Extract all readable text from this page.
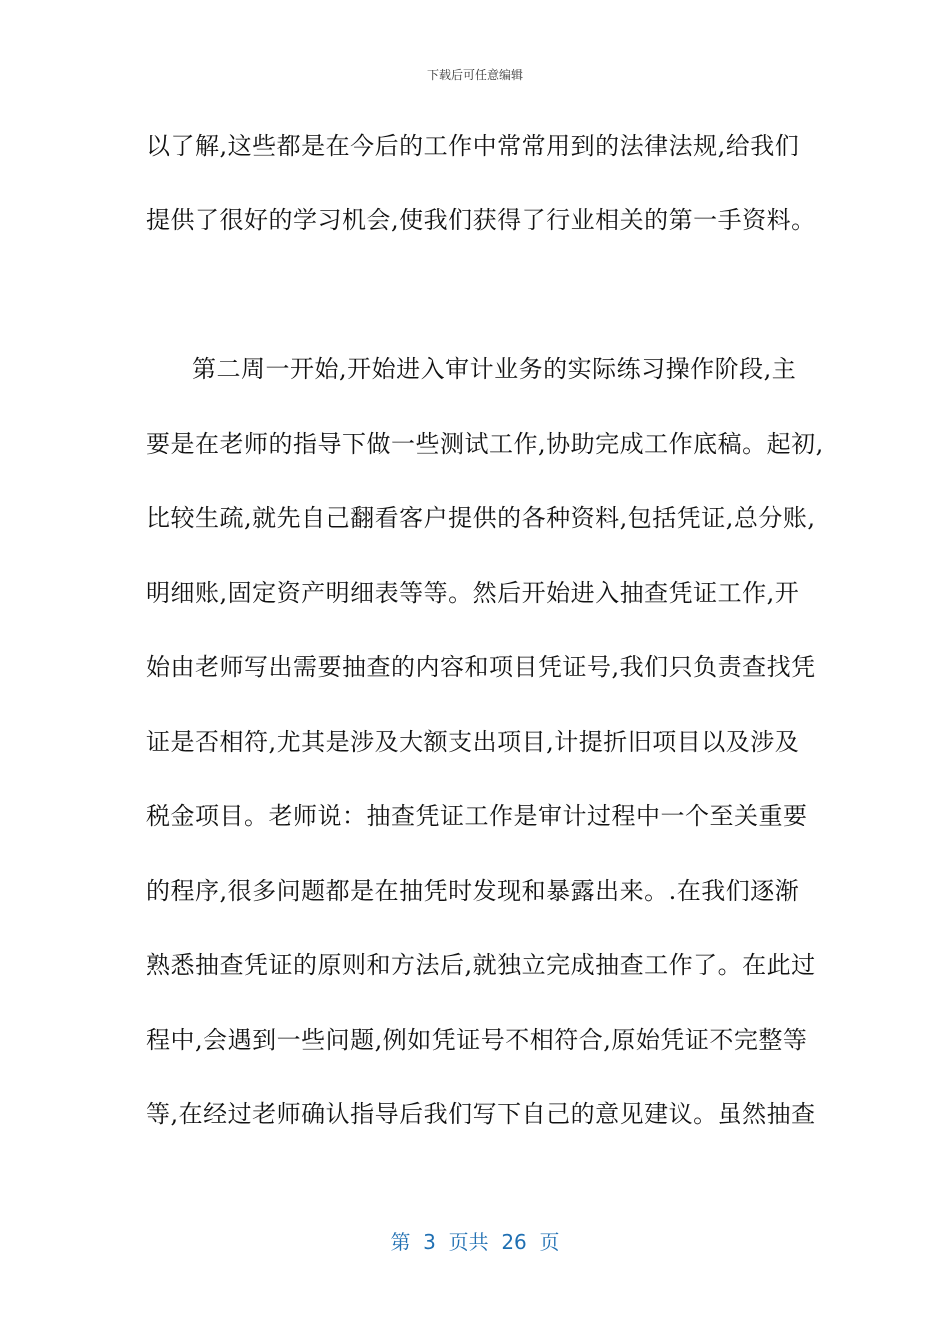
下载后可任意编辑
以了解,这些都是在今后的工作中常常用到的法律法规,给我们
提供了很好的学习机会,使我们获得了行业相关的第一手资料。
第二周一开始,开始进入审计业务的实际练习操作阶段,主
要是在老师的指导下做一些测试工作,协助完成工作底稿。起初,
比较生疏,就先自己翻看客户提供的各种资料,包括凭证,总分账,
明细账,固定资产明细表等等。然后开始进入抽查凭证工作,开
始由老师写出需要抽查的内容和项目凭证号,我们只负责查找凭
证是否相符,尤其是涉及大额支出项目,计提折旧项目以及涉及
税金项目。老师说：抽查凭证工作是审计过程中一个至关重要
的程序,很多问题都是在抽凭时发现和暴露出来。.在我们逐渐
熟悉抽查凭证的原则和方法后,就独立完成抽查工作了。在此过
程中,会遇到一些问题,例如凭证号不相符合,原始凭证不完整等
等,在经过老师确认指导后我们写下自己的意见建议。虽然抽查
第  3  页共  26  页
